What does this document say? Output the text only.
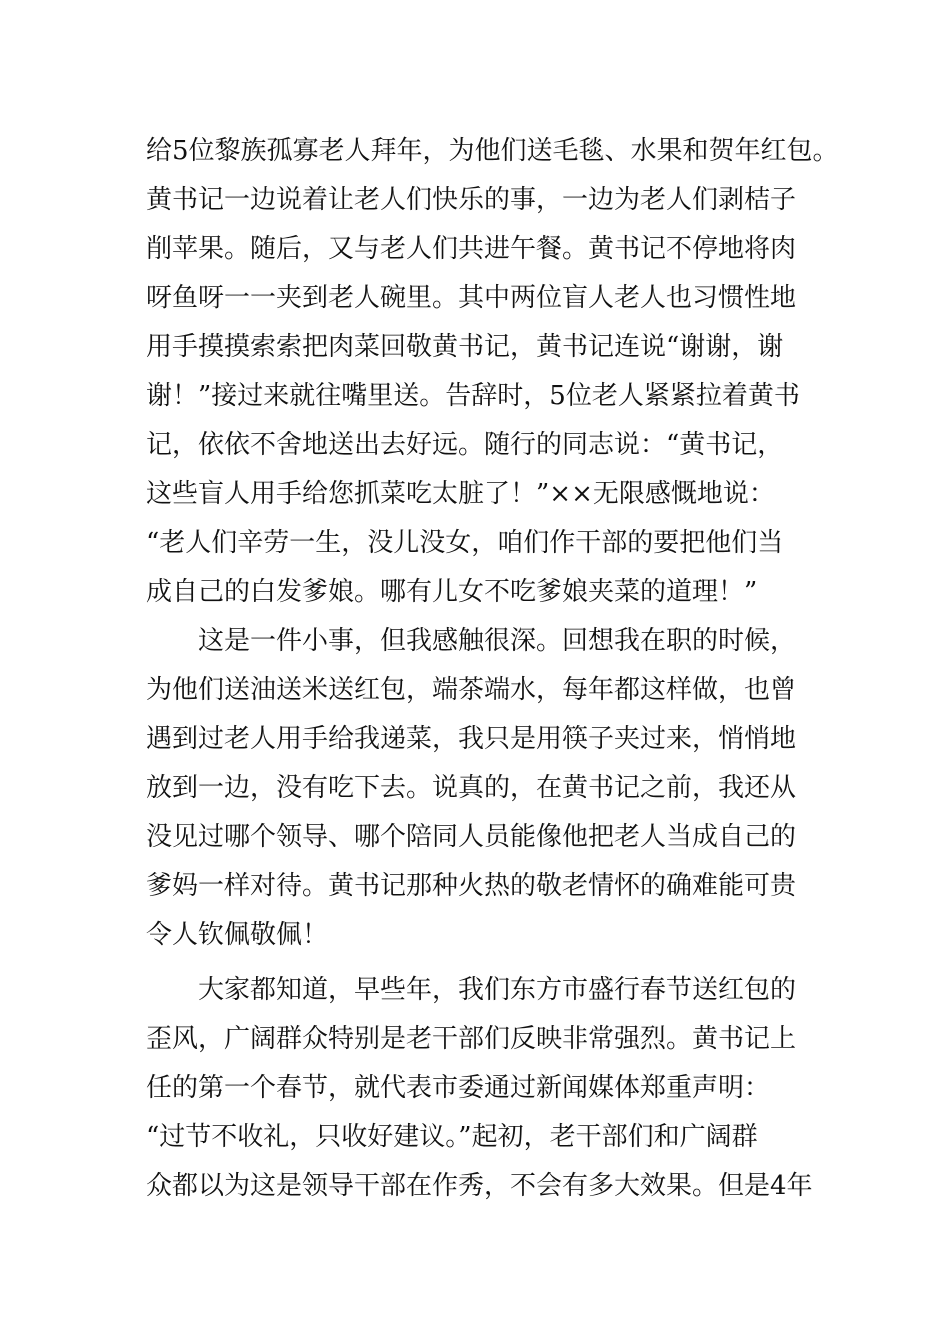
给5位黎族孤寡老人拜年，为他们送毛毯、水果和贺年红包。
黄书记一边说着让老人们快乐的事，一边为老人们剥桔子
削苹果。随后，又与老人们共进午餐。黄书记不停地将肉
呀鱼呀一一夹到老人碗里。其中两位盲人老人也习惯性地
用手摸摸索索把肉菜回敬黄书记，黄书记连说“谢谢，谢
谢！”接过来就往嘴里送。告辞时，5位老人紧紧拉着黄书
记，依依不舍地送出去好远。随行的同志说：“黄书记，
这些盲人用手给您抓菜吃太脏了！”××无限感慨地说：
“老人们辛劳一生，没儿没女，咱们作干部的要把他们当
成自己的白发爹娘。哪有儿女不吃爹娘夹菜的道理！”
这是一件小事，但我感触很深。回想我在职的时候，
为他们送油送米送红包，端茶端水，每年都这样做，也曾
遇到过老人用手给我递菜，我只是用筷子夹过来，悄悄地
放到一边，没有吃下去。说真的，在黄书记之前，我还从
没见过哪个领导、哪个陪同人员能像他把老人当成自己的
爹妈一样对待。黄书记那种火热的敬老情怀的确难能可贵
令人钦佩敬佩！
大家都知道，早些年，我们东方市盛行春节送红包的
歪风，广阔群众特别是老干部们反映非常强烈。黄书记上
任的第一个春节，就代表市委通过新闻媒体郑重声明：
“过节不收礼，只收好建议。”起初，老干部们和广阔群
众都以为这是领导干部在作秀，不会有多大效果。但是4年
